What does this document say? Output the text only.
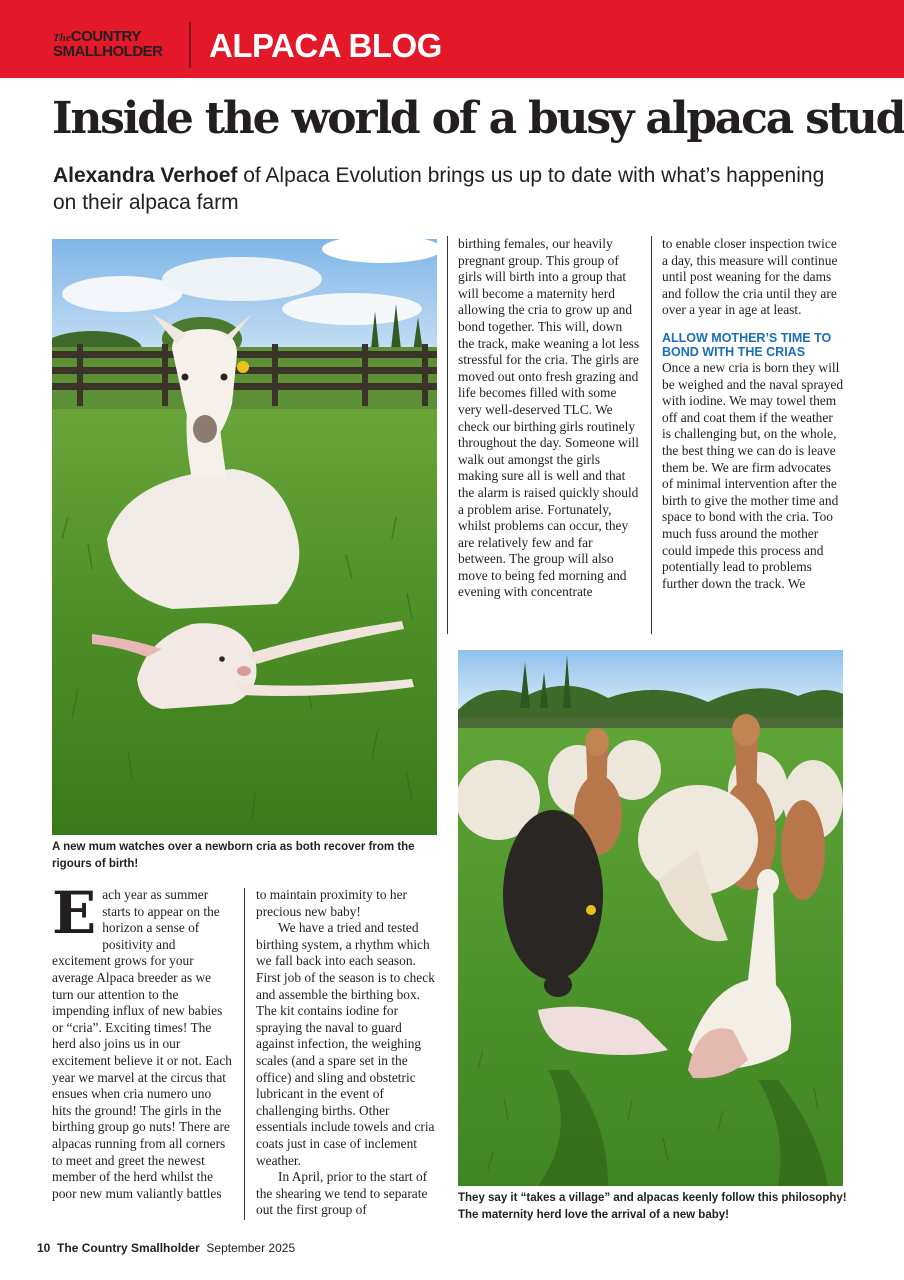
TheCOUNTRY
SMALLHOLDER ALPACA BLOG
Inside the world of a busy alpaca stud
Alexandra Verhoef of Alpaca Evolution brings us up to date with what’s happening on their alpaca farm
A new mum watches over a newborn cria as both recover from the rigours of birth!

Each year as summer starts to appear on the horizon a sense of positivity and excitement grows for your average Alpaca breeder as we turn our attention to the impending influx of new babies or “cria”. Exciting times! The herd also joins us in our excitement believe it or not. Each year we marvel at the circus that ensues when cria numero uno hits the ground! The girls in the birthing group go nuts! There are alpacas running from all corners to meet and greet the newest member of the herd whilst the poor new mum valiantly battles

to maintain proximity to her precious new baby!

We have a tried and tested birthing system, a rhythm which we fall back into each season. First job of the season is to check and assemble the birthing box. The kit contains iodine for spraying the naval to guard against infection, the weighing scales (and a spare set in the office) and sling and obstetric lubricant in the event of challenging births. Other essentials include towels and cria coats just in case of inclement weather.

In April, prior to the start of the shearing we tend to separate out the first group of

birthing females, our heavily pregnant group. This group of girls will birth into a group that will become a maternity herd allowing the cria to grow up and bond together. This will, down the track, make weaning a lot less stressful for the cria. The girls are moved out onto fresh grazing and life becomes filled with some very well-deserved TLC. We check our birthing girls routinely throughout the day. Someone will walk out amongst the girls making sure all is well and that the alarm is raised quickly should a problem arise. Fortunately, whilst problems can occur, they are relatively few and far between. The group will also move to being fed morning and evening with concentrate

to enable closer inspection twice a day, this measure will continue until post weaning for the dams and follow the cria until they are over a year in age at least.

ALLOW MOTHER’S TIME TO BOND WITH THE CRIAS

Once a new cria is born they will be weighed and the naval sprayed with iodine. We may towel them off and coat them if the weather is challenging but, on the whole, the best thing we can do is leave them be. We are firm advocates of minimal intervention after the birth to give the mother time and space to bond with the cria. Too much fuss around the mother could impede this process and potentially lead to problems further down the track. We

They say it “takes a village” and alpacas keenly follow this philosophy! The maternity herd love the arrival of a new baby!
10 The Country Smallholder September 2025
